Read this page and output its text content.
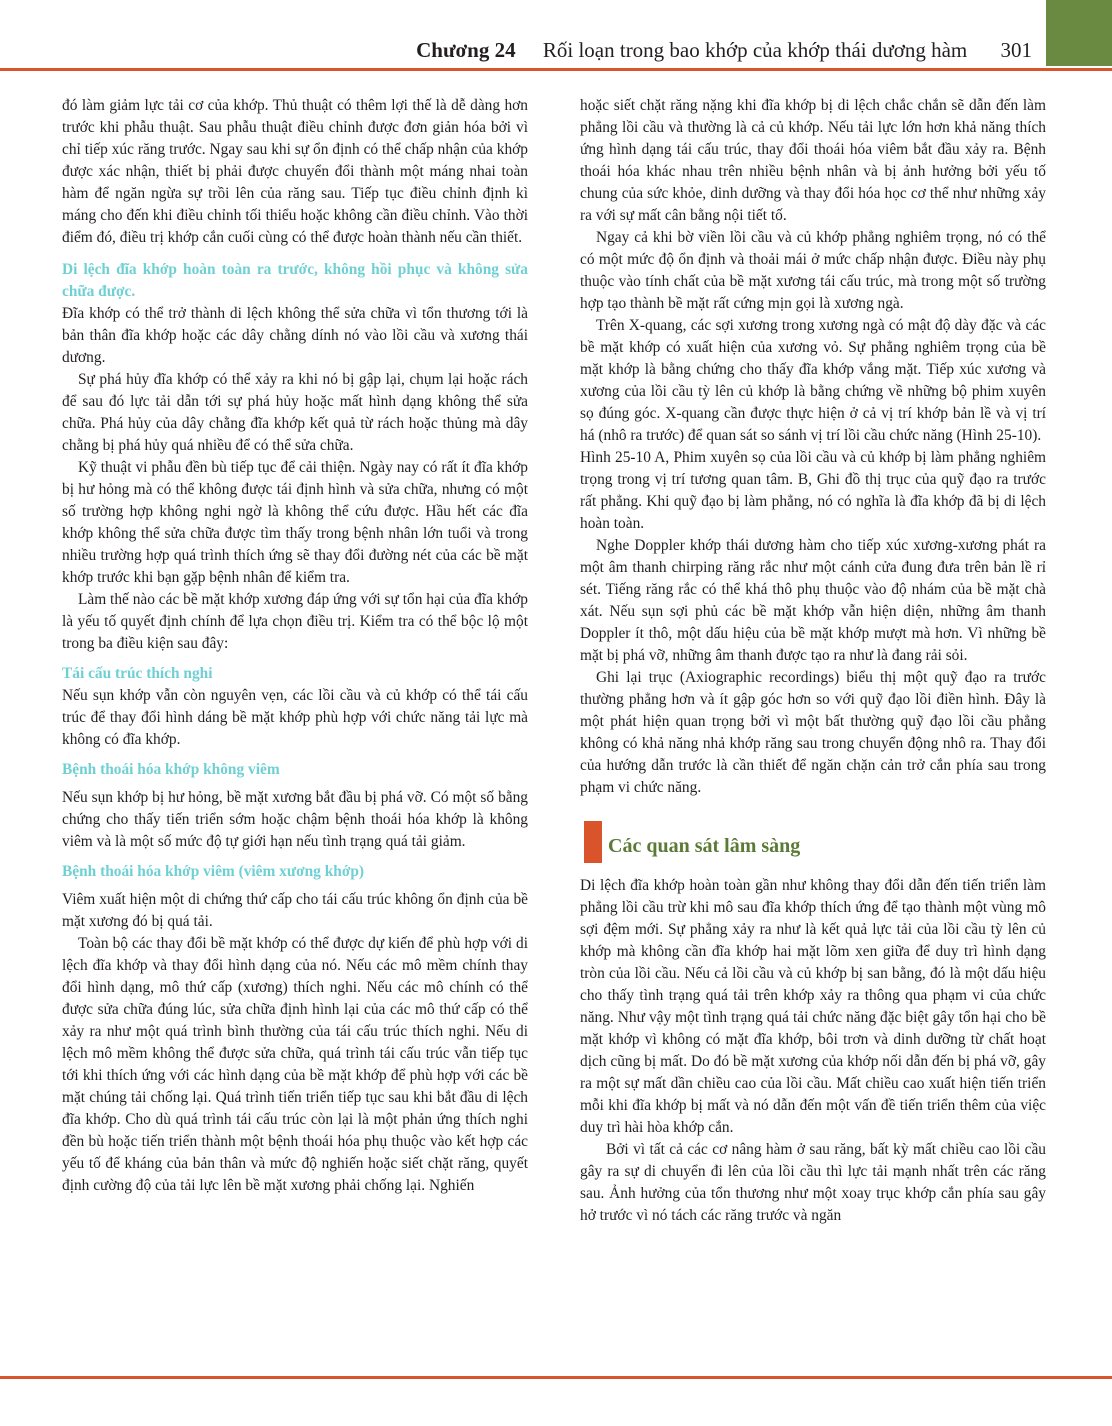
Chương 24 Rối loạn trong bao khớp của khớp thái dương hàm 301

đó làm giảm lực tải cơ của khớp. Thủ thuật có thêm lợi thế là dễ dàng hơn trước khi phẫu thuật. Sau phẫu thuật điều chỉnh được đơn giản hóa bởi vì chỉ tiếp xúc răng trước. Ngay sau khi sự ổn định có thể chấp nhận của khớp được xác nhận, thiết bị phải được chuyển đổi thành một máng nhai toàn hàm để ngăn ngừa sự trồi lên của răng sau. Tiếp tục điều chỉnh định kì máng cho đến khi điều chỉnh tối thiểu hoặc không cần điều chỉnh. Vào thời điểm đó, điều trị khớp cắn cuối cùng có thể được hoàn thành nếu cần thiết.

Di lệch đĩa khớp hoàn toàn ra trước, không hồi phục và không sửa chữa được.

Đĩa khớp có thể trở thành di lệch không thể sửa chữa vì tổn thương tới là bản thân đĩa khớp hoặc các dây chằng dính nó vào lồi cầu và xương thái dương.

Sự phá hủy đĩa khớp có thể xảy ra khi nó bị gập lại, chụm lại hoặc rách để sau đó lực tải dẫn tới sự phá hủy hoặc mất hình dạng không thể sửa chữa. Phá hủy của dây chằng đĩa khớp kết quả từ rách hoặc thủng mà dây chằng bị phá hủy quá nhiều để có thể sửa chữa.

Kỹ thuật vi phẫu đền bù tiếp tục để cải thiện. Ngày nay có rất ít đĩa khớp bị hư hỏng mà có thể không được tái định hình và sửa chữa, nhưng có một số trường hợp không nghi ngờ là không thể cứu được. Hầu hết các đĩa khớp không thể sửa chữa được tìm thấy trong bệnh nhân lớn tuổi và trong nhiều trường hợp quá trình thích ứng sẽ thay đổi đường nét của các bề mặt khớp trước khi bạn gặp bệnh nhân để kiểm tra.

Làm thế nào các bề mặt khớp xương đáp ứng với sự tổn hại của đĩa khớp là yếu tố quyết định chính để lựa chọn điều trị. Kiểm tra có thể bộc lộ một trong ba điều kiện sau đây:

Tái cấu trúc thích nghi

Nếu sụn khớp vẫn còn nguyên vẹn, các lồi cầu và củ khớp có thể tái cấu trúc để thay đổi hình dáng bề mặt khớp phù hợp với chức năng tải lực mà không có đĩa khớp.

Bệnh thoái hóa khớp không viêm

Nếu sụn khớp bị hư hỏng, bề mặt xương bắt đầu bị phá vỡ. Có một số bằng chứng cho thấy tiến triển sớm hoặc chậm bệnh thoái hóa khớp là không viêm và là một số mức độ tự giới hạn nếu tình trạng quá tải giảm.

Bệnh thoái hóa khớp viêm (viêm xương khớp)

Viêm xuất hiện một di chứng thứ cấp cho tái cấu trúc không ổn định của bề mặt xương đó bị quá tải.

Toàn bộ các thay đổi bề mặt khớp có thể được dự kiến để phù hợp với di lệch đĩa khớp và thay đổi hình dạng của nó. Nếu các mô mềm chính thay đổi hình dạng, mô thứ cấp (xương) thích nghi. Nếu các mô chính có thể được sửa chữa đúng lúc, sửa chữa định hình lại của các mô thứ cấp có thể xảy ra như một quá trình bình thường của tái cấu trúc thích nghi. Nếu di lệch mô mềm không thể được sửa chữa, quá trình tái cấu trúc vẫn tiếp tục tới khi thích ứng với các hình dạng của bề mặt khớp để phù hợp với các bề mặt chúng tải chống lại. Quá trình tiến triển tiếp tục sau khi bắt đầu di lệch đĩa khớp. Cho dù quá trình tái cấu trúc còn lại là một phản ứng thích nghi đền bù hoặc tiến triển thành một bệnh thoái hóa phụ thuộc vào kết hợp các yếu tố để kháng của bản thân và mức độ nghiến hoặc siết chặt răng, quyết định cường độ của tải lực lên bề mặt xương phải chống lại. Nghiến

hoặc siết chặt răng nặng khi đĩa khớp bị di lệch chắc chắn sẽ dẫn đến làm phẳng lồi cầu và thường là cả củ khớp. Nếu tải lực lớn hơn khả năng thích ứng hình dạng tái cấu trúc, thay đổi thoái hóa viêm bắt đầu xảy ra. Bệnh thoái hóa khác nhau trên nhiều bệnh nhân và bị ảnh hưởng bởi yếu tố chung của sức khỏe, dinh dưỡng và thay đổi hóa học cơ thể như những xảy ra với sự mất cân bằng nội tiết tố.

Ngay cả khi bờ viền lồi cầu và củ khớp phẳng nghiêm trọng, nó có thể có một mức độ ổn định và thoải mái ở mức chấp nhận được. Điều này phụ thuộc vào tính chất của bề mặt xương tái cấu trúc, mà trong một số trường hợp tạo thành bề mặt rất cứng mịn gọi là xương ngà.

Trên X-quang, các sợi xương trong xương ngà có mật độ dày đặc và các bề mặt khớp có xuất hiện của xương vỏ. Sự phẳng nghiêm trọng của bề mặt khớp là bằng chứng cho thấy đĩa khớp vắng mặt. Tiếp xúc xương và xương của lồi cầu tỳ lên củ khớp là bằng chứng về những bộ phim xuyên sọ đúng góc. X-quang cần được thực hiện ở cả vị trí khớp bản lề và vị trí há (nhô ra trước) để quan sát so sánh vị trí lồi cầu chức năng (Hình 25-10).

Hình 25-10 A, Phim xuyên sọ của lồi cầu và củ khớp bị làm phẳng nghiêm trọng trong vị trí tương quan tâm. B, Ghi đồ thị trục của quỹ đạo ra trước rất phẳng. Khi quỹ đạo bị làm phẳng, nó có nghĩa là đĩa khớp đã bị di lệch hoàn toàn.

Nghe Doppler khớp thái dương hàm cho tiếp xúc xương-xương phát ra một âm thanh chirping răng rắc như một cánh cửa đung đưa trên bản lề rỉ sét. Tiếng răng rắc có thể khá thô phụ thuộc vào độ nhám của bề mặt chà xát. Nếu sụn sợi phủ các bề mặt khớp vẫn hiện diện, những âm thanh Doppler ít thô, một dấu hiệu của bề mặt khớp mượt mà hơn. Vì những bề mặt bị phá vỡ, những âm thanh được tạo ra như là đang rải sỏi.

Ghi lại trục (Axiographic recordings) biểu thị một quỹ đạo ra trước thường phẳng hơn và ít gập góc hơn so với quỹ đạo lồi điền hình. Đây là một phát hiện quan trọng bởi vì một bất thường quỹ đạo lồi cầu phẳng không có khả năng nhả khớp răng sau trong chuyển động nhô ra. Thay đổi của hướng dẫn trước là cần thiết để ngăn chặn cản trở cắn phía sau trong phạm vi chức năng.

Các quan sát lâm sàng

Di lệch đĩa khớp hoàn toàn gần như không thay đổi dẫn đến tiến triển làm phẳng lồi cầu trừ khi mô sau đĩa khớp thích ứng để tạo thành một vùng mô sợi đệm mới. Sự phẳng xảy ra như là kết quả lực tải của lồi cầu tỳ lên củ khớp mà không cần đĩa khớp hai mặt lõm xen giữa để duy trì hình dạng tròn của lồi cầu. Nếu cả lồi cầu và củ khớp bị san bằng, đó là một dấu hiệu cho thấy tình trạng quá tải trên khớp xảy ra thông qua phạm vi của chức năng. Như vậy một tình trạng quá tải chức năng đặc biệt gây tổn hại cho bề mặt khớp vì không có mặt đĩa khớp, bôi trơn và dinh dưỡng từ chất hoạt dịch cũng bị mất. Do đó bề mặt xương của khớp nối dẫn đến bị phá vỡ, gây ra một sự mất dần chiều cao của lồi cầu. Mất chiều cao xuất hiện tiến triển mỗi khi đĩa khớp bị mất và nó dẫn đến một vấn đề tiến triển thêm của việc duy trì hài hòa khớp cắn.

Bởi vì tất cả các cơ nâng hàm ở sau răng, bất kỳ mất chiều cao lồi cầu gây ra sự di chuyển đi lên của lồi cầu thì lực tải mạnh nhất trên các răng sau. Ảnh hưởng của tổn thương như một xoay trục khớp cắn phía sau gây hở trước vì nó tách các răng trước và ngăn
